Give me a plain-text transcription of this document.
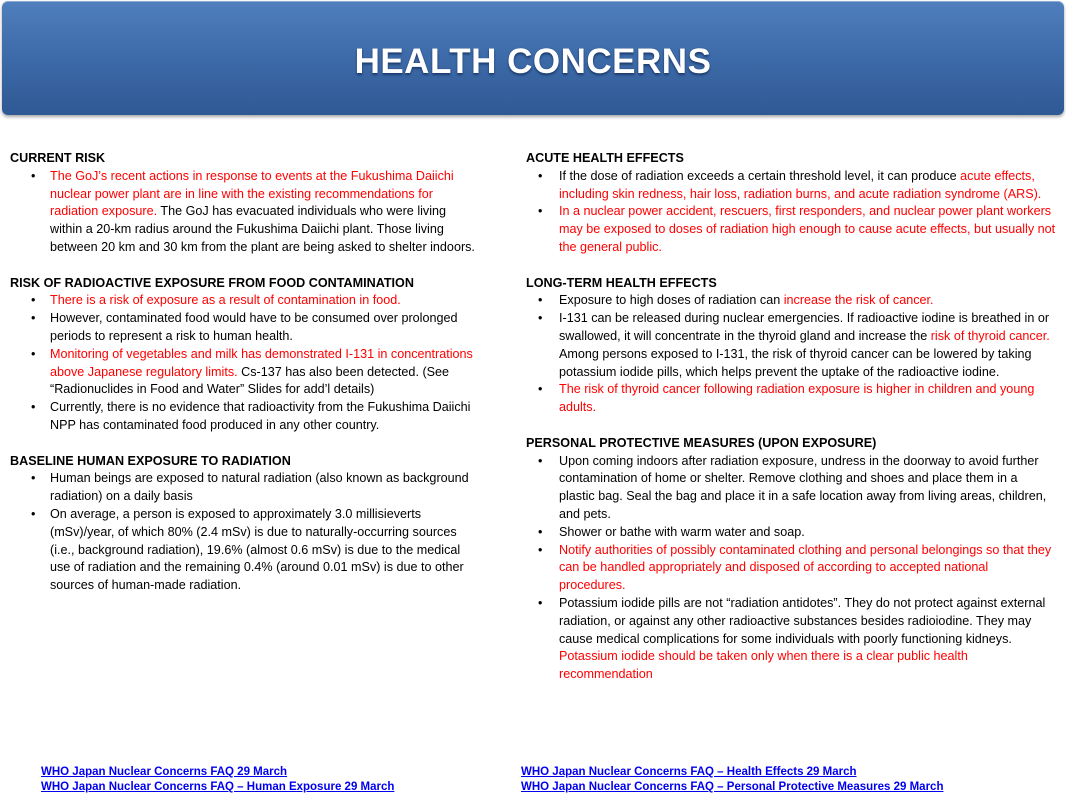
HEALTH CONCERNS
CURRENT RISK
• The GoJ’s recent actions in response to events at the Fukushima Daiichi nuclear power plant are in line with the existing recommendations for radiation exposure. The GoJ has evacuated individuals who were living within a 20-km radius around the Fukushima Daiichi plant. Those living between 20 km and 30 km from the plant are being asked to shelter indoors.
RISK OF RADIOACTIVE EXPOSURE FROM FOOD CONTAMINATION
• There is a risk of exposure as a result of contamination in food.
• However, contaminated food would have to be consumed over prolonged periods to represent a risk to human health.
• Monitoring of vegetables and milk has demonstrated I-131 in concentrations above Japanese regulatory limits. Cs-137 has also been detected. (See “Radionuclides in Food and Water” Slides for add’l details)
• Currently, there is no evidence that radioactivity from the Fukushima Daiichi NPP has contaminated food produced in any other country.
BASELINE HUMAN EXPOSURE TO RADIATION
• Human beings are exposed to natural radiation (also known as background radiation) on a daily basis
• On average, a person is exposed to approximately 3.0 millisieverts (mSv)/year, of which 80% (2.4 mSv) is due to naturally-occurring sources (i.e., background radiation), 19.6% (almost 0.6 mSv) is due to the medical use of radiation and the remaining 0.4% (around 0.01 mSv) is due to other sources of human-made radiation.
ACUTE HEALTH EFFECTS
• If the dose of radiation exceeds a certain threshold level, it can produce acute effects, including skin redness, hair loss, radiation burns, and acute radiation syndrome (ARS).
• In a nuclear power accident, rescuers, first responders, and nuclear power plant workers may be exposed to doses of radiation high enough to cause acute effects, but usually not the general public.
LONG-TERM HEALTH EFFECTS
• Exposure to high doses of radiation can increase the risk of cancer.
• I-131 can be released during nuclear emergencies. If radioactive iodine is breathed in or swallowed, it will concentrate in the thyroid gland and increase the risk of thyroid cancer. Among persons exposed to I-131, the risk of thyroid cancer can be lowered by taking potassium iodide pills, which helps prevent the uptake of the radioactive iodine.
• The risk of thyroid cancer following radiation exposure is higher in children and young adults.
PERSONAL PROTECTIVE MEASURES (UPON EXPOSURE)
• Upon coming indoors after radiation exposure, undress in the doorway to avoid further contamination of home or shelter. Remove clothing and shoes and place them in a plastic bag. Seal the bag and place it in a safe location away from living areas, children, and pets.
• Shower or bathe with warm water and soap.
• Notify authorities of possibly contaminated clothing and personal belongings so that they can be handled appropriately and disposed of according to accepted national procedures.
• Potassium iodide pills are not “radiation antidotes”. They do not protect against external radiation, or against any other radioactive substances besides radioiodine. They may cause medical complications for some individuals with poorly functioning kidneys. Potassium iodide should be taken only when there is a clear public health recommendation
WHO Japan Nuclear Concerns FAQ 29 March
WHO Japan Nuclear Concerns FAQ – Human Exposure 29 March
WHO Japan Nuclear Concerns FAQ – Health Effects 29 March
WHO Japan Nuclear Concerns FAQ – Personal Protective Measures 29 March
